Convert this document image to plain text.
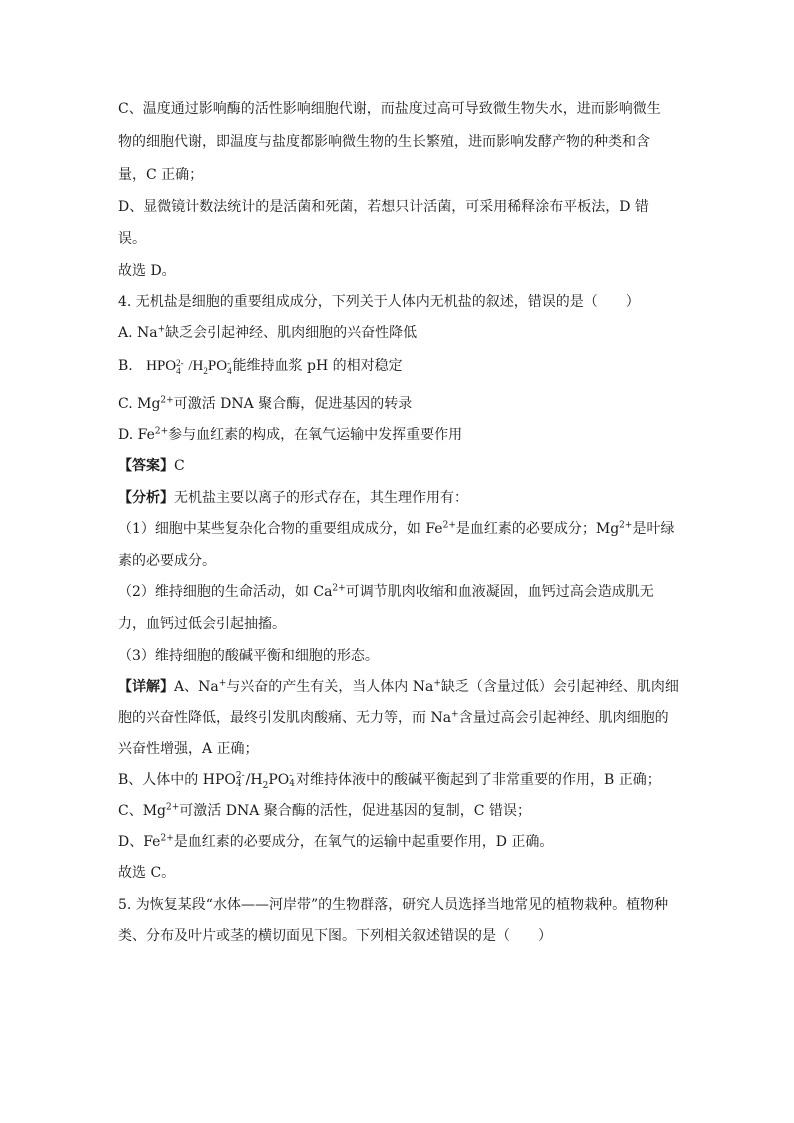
C、温度通过影响酶的活性影响细胞代谢，而盐度过高可导致微生物失水，进而影响微生
物的细胞代谢，即温度与盐度都影响微生物的生长繁殖，进而影响发酵产物的种类和含
量，C 正确；
D、显微镜计数法统计的是活菌和死菌，若想只计活菌，可采用稀释涂布平板法，D 错
误。
故选 D。
4. 无机盐是细胞的重要组成成分，下列关于人体内无机盐的叙述，错误的是（　　）
A. Na+缺乏会引起神经、肌肉细胞的兴奋性降低
B. HPO 2-
4 $/H_2PO$ -
4 能维持血浆 pH 的相对稳定
C. $Mg^{2+}$可激活 DNA 聚合酶，促进基因的转录
D. $Fe^{2+}$参与血红素的构成，在氧气运输中发挥重要作用
【答案】C
【分析】无机盐主要以离子的形式存在，其生理作用有：
（1）细胞中某些复杂化合物的重要组成成分，如 $Fe^{2+}$是血红素的必要成分；$Mg^{2+}$是叶绿
素的必要成分。
（2）维持细胞的生命活动，如 $Ca^{2+}$可调节肌肉收缩和血液凝固，血钙过高会造成肌无
力，血钙过低会引起抽搐。
（3）维持细胞的酸碱平衡和细胞的形态。
【详解】A、Na+与兴奋的产生有关，当人体内 Na+缺乏（含量过低）会引起神经、肌肉细
胞的兴奋性降低，最终引发肌肉酸痛、无力等，而 Na+含量过高会引起神经、肌肉细胞的
兴奋性增强，A 正确；
B、人体中的 HPO 2-
4 $/H_2PO$ -
4 对维持体液中的酸碱平衡起到了非常重要的作用，B 正确；
C、$Mg^{2+}$可激活 DNA 聚合酶的活性，促进基因的复制，C 错误；
D、$Fe^{2+}$是血红素的必要成分，在氧气的运输中起重要作用，D 正确。
故选 C。
5. 为恢复某段“水体——河岸带”的生物群落，研究人员选择当地常见的植物栽种。植物种
类、分布及叶片或茎的横切面见下图。下列相关叙述错误的是（　　）
